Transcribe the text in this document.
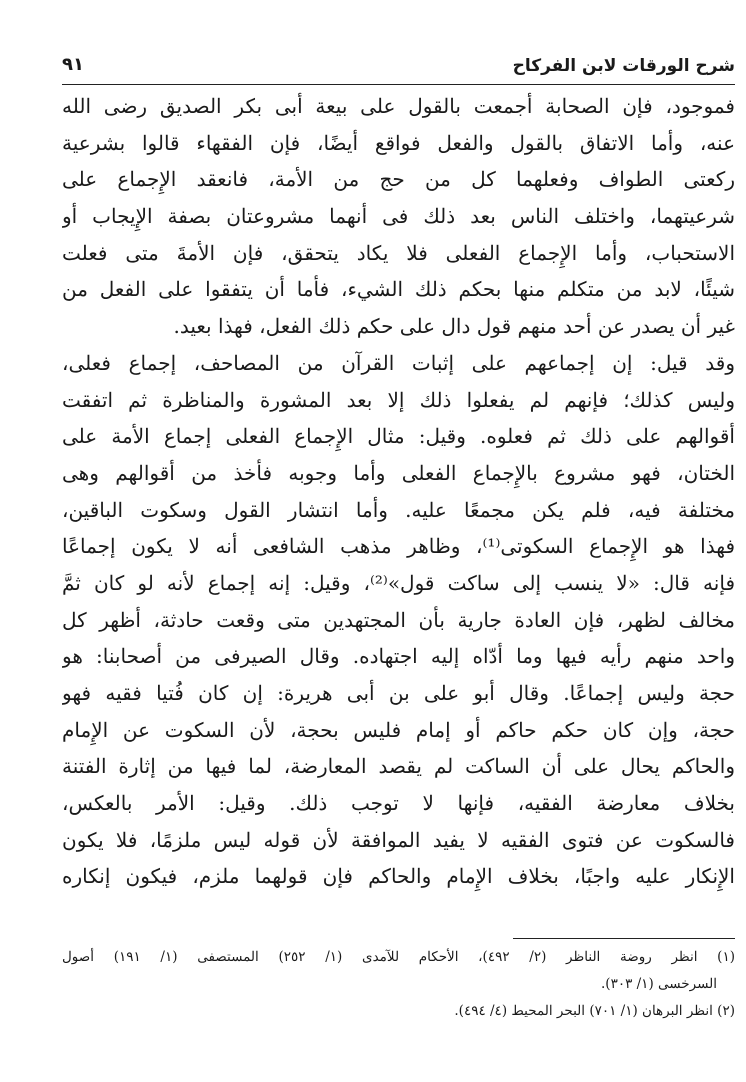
شرح الورقات لابن الفركاح
٩١
فموجود، فإن الصحابة أجمعت بالقول على بيعة أبى بكر الصديق رضى الله
عنه، وأما الاتفاق بالقول والفعل فواقع أيضًا، فإن الفقهاء قالوا بشرعية
ركعتى الطواف وفعلهما كل من حج من الأمة، فانعقد الإِجماع على
شرعيتهما، واختلف الناس بعد ذلك فى أنهما مشروعتان بصفة الإِيجاب أو
الاستحباب، وأما الإِجماع الفعلى فلا يكاد يتحقق، فإن الأمةَ متى فعلت
شيئًا، لابد من متكلم منها بحكم ذلك الشيء، فأما أن يتفقوا على الفعل من
غير أن يصدر عن أحد منهم قول دال على حكم ذلك الفعل، فهذا بعيد.
وقد قيل: إن إجماعهم على إثبات القرآن من المصاحف، إجماع فعلى،
وليس كذلك؛ فإنهم لم يفعلوا ذلك إلا بعد المشورة والمناظرة ثم اتفقت
أقوالهم على ذلك ثم فعلوه. وقيل: مثال الإِجماع الفعلى إجماع الأمة على
الختان، فهو مشروع بالإِجماع الفعلى وأما وجوبه فأخذ من أقوالهم وهى
مختلفة فيه، فلم يكن مجمعًا عليه. وأما انتشار القول وسكوت الباقين،
فهذا هو الإِجماع السكوتى⁽¹⁾، وظاهر مذهب الشافعى أنه لا يكون إجماعًا
فإنه قال: «لا ينسب إلى ساكت قول»⁽²⁾، وقيل: إنه إجماع لأنه لو كان ثمَّ
مخالف لظهر، فإن العادة جارية بأن المجتهدين متى وقعت حادثة، أظهر كل
واحد منهم رأيه فيها وما أدّاه إليه اجتهاده. وقال الصيرفى من أصحابنا: هو
حجة وليس إجماعًا. وقال أبو على بن أبى هريرة: إن كان فُتيا فقيه فهو
حجة، وإن كان حكم حاكم أو إمام فليس بحجة، لأن السكوت عن الإِمام
والحاكم يحال على أن الساكت لم يقصد المعارضة، لما فيها من إثارة الفتنة
بخلاف معارضة الفقيه، فإنها لا توجب ذلك. وقيل: الأمر بالعكس،
فالسكوت عن فتوى الفقيه لا يفيد الموافقة لأن قوله ليس ملزمًا، فلا يكون
الإِنكار عليه واجبًا، بخلاف الإِمام والحاكم فإن قولهما ملزم، فيكون إنكاره
(١) انظر روضة الناظر (٢/ ٤٩٢)، الأحكام للآمدى (١/ ٢٥٢) المستصفى (١/ ١٩١) أصول
السرخسى (١/ ٣٠٣).
(٢) انظر البرهان (١/ ٧٠١) البحر المحيط (٤/ ٤٩٤).
